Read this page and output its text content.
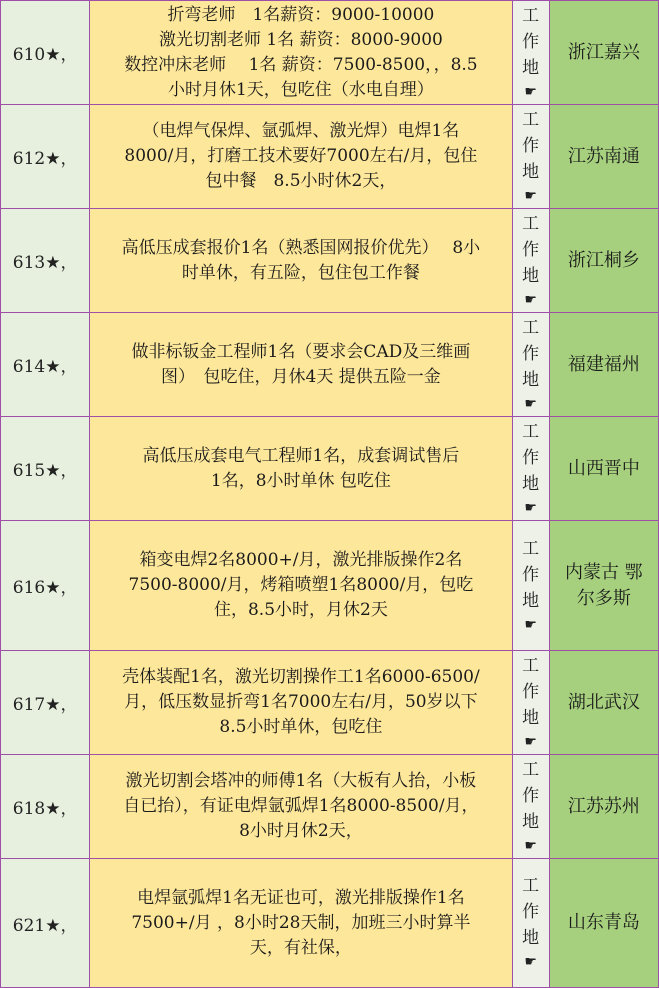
610★，	折弯老师　1名薪资：9000-10000
激光切割老师 1名 薪资：8000-9000
数控冲床老师　 1名 薪资：7500-8500，，8.5
小时月休1天，包吃住（水电自理）	工
作
地
☛	浙江嘉兴

612★，	（电焊气保焊、氩弧焊、激光焊）电焊1名
8000/月，打磨工技术要好7000左右/月，包住
包中餐　8.5小时休2天，	工
作
地
☛	江苏南通

613★，	高低压成套报价1名（熟悉国网报价优先）　 8小
时单休，有五险，包住包工作餐	工
作
地
☛	浙江桐乡

614★，	做非标钣金工程师1名（要求会CAD及三维画
图）　包吃住，月休4天 提供五险一金	工
作
地
☛	福建福州

615★，	高低压成套电气工程师1名，成套调试售后
1名，8小时单休 包吃住	工
作
地
☛	山西晋中

616★，	箱变电焊2名8000+/月，激光排版操作2名
7500-8000/月，烤箱喷塑1名8000/月，包吃
住，8.5小时，月休2天	工
作
地
☛	内蒙古 鄂
尔多斯

617★，	壳体装配1名，激光切割操作工1名6000-6500/
月，低压数显折弯1名7000左右/月，50岁以下
8.5小时单休，包吃住	工
作
地
☛	湖北武汉

618★，	激光切割会塔冲的师傅1名（大板有人抬，小板
自已抬），有证电焊氩弧焊1名8000-8500/月，
8小时月休2天，	工
作
地
☛	江苏苏州

621★，	电焊氩弧焊1名无证也可，激光排版操作1名
7500+/月 ，8小时28天制，加班三小时算半
天，有社保，	工
作
地
☛	山东青岛
